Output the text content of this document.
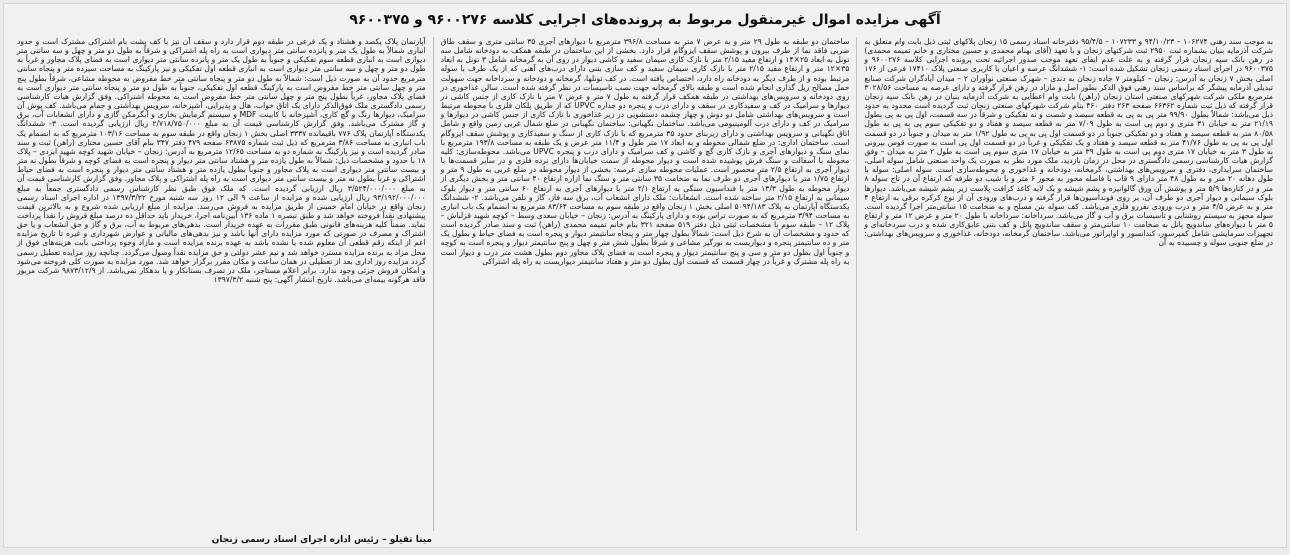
آگهی مزایده اموال غیرمنقول مربوط به پرونده‌های اجرایی کلاسه ۹۶۰۰۲۷۶ و ۹۶۰۰۳۷۵

به موجب سند رهنی ۱۰۶۲۷۴ – ۹۴/۱۰/۲۳ و ۱۰۷۲۳۳ – ۹۵/۴/۵ دفترخانه اسناد رسمی ۱۵ زنجان پلاکهای ثبتی ذیل بابت وام متعلق به شرکت آذرمایه بنیان بشماره ثبت ۲۹۵۰ ثبت شرکتهای زنجان و با تعهد (آقای بهنام محمدی و حسین مختاری و خانم تمیمه محمدی) در رهن بانک سپه زنجان قرار گرفته و به علت عدم ایفای تعهد موجب صدور اجرائیه تحت پرونده اجرایی کلاسه ۹۶۰۰۲۷۶ و ۹۶۰۰۳۷۵ در اجرای اسناد رسمی زنجان تشکیل شده است: ۱- ششدانگ عرصه و اعیان با کاربری صنعتی پلاک ۱۷۴۱۰ فرعی از ۱۷۶ اصلی بخش ۷ زنجان به آدرس: زنجان – کیلومتر ۷ جاده زنجان به دندی – شهرک صنعتی نوآوران ۲ – میدان آیادگران شرکت صنایع تبدیلی آذرمایه پیشگر که براساس سند رهنی فوق الذکر بطور اصل و مازاد در رهن قرار گرفته و دارای عرصه به مساحت ۳۰۲۸/۵۶ مترمربع ملکی شرکت شهرکهای صنعتی استان زنجان (راهن) بابت وام اعطایی به شرکت آذرمایه بنیان در رهن بانک سپه زنجان قرار گرفته که ذیل ثبت شماره ۶۶۳۶۲ صفحه ۲۶۳ دفتر ۴۶۰ بنام شرکت شهرکهای صنعتی زنجان ثبت گردیده است محدود به حدود ذیل می‌باشد: شمالاً بطول ۹۹/۹۰ متر پی به پی به قطعه سیصد و شصت و نه تفکیکی و شرقاً در سه قسمت، اول پی به پی بطول ۲۱/۱۹ متر به خیابان ۳۱ متری و دوم پی است به طول ۷/۰۹ متر به قطعه سیصد و هفتاد و دو تفکیکی سوم پی به پی به طول ۸۰/۵۸ متر به قطعه سیصد و هفتاد و دو تفکیکی جنوباً در دو قسمت اول پی به پی به طول ۱/۹۲ متر به میدان و جنوباً در دو قسمت اول پی به پی به طول ۴۱/۷۶ متر به قطعه سیصد و هفتاد و یک تفکیکی و غرباً در دو قسمت اول پی است به صورت قوس بیرونی به طول ۳ متر به خیابان ۱۷ متری دوم پی است به طول ۳۹ متر به خیابان ۱۷ متری سوم پی است به طول ۲ متر به میدان – وفق گزارش هیات کارشناسی رسمی دادگستری در محل در زمان بازدید، ملک مورد نظر به صورت یک واحد صنعتی شامل سوله اصلی، ساختمان سرایداری، دفتری و سرویس‌های بهداشتی، گرمخانه، دودخانه و غذاخوری و محوطه‌سازی است. سوله اصلی: سوله با طول دهانه ۲۰ متر و به طول ۴۸ متر دارای ۹ قاب با فاصله محور به محور ۶ متر و با شیب دو طرفه که ارتفاع آن در تاج سوله ۸ متر و در کناره‌ها ۵/۹ متر و پوشش آن ورق گالوانیزه و پشم شیشه و یک لایه کاغذ کرافت پلاست زیر پشم شیشه می‌باشد. دیوارها بلوک سیمانی و دیوار آجری دو طرف آن، بر روی فونداسیون‌ها قرار گرفته و درب‌های ورودی آن از نوع کرکره برقی به ارتفاع ۴ متر و به عرض ۴/۵ متر و درب ورودی نفررو فلزی می‌باشد. کف سوله بتن مسلح و به ضخامت ۱۵ سانتی‌متر اجرا گردیده است. سوله مجهز به سیستم روشنایی و تاسیسات برق و آب و گاز می‌باشد. سرداخانه: سرداخانه با طول ۲۰ متر و عرض ۱۲ متر و ارتفاع ۵ متر با دیواره‌های ساندویچ پانل به ضخامت ۱۰ سانتی‌متر و سقف ساندویچ پانل و کف بتنی عایق‌کاری شده و درب سردخانه‌ای و تجهیزات سرمایشی شامل کمپرسور، کندانسور و اواپراتور می‌باشد. ساختمان گرمخانه، دودخانه، غذاخوری و سرویس‌های بهداشتی: در ضلع جنوبی سوله و چسبیده به آن

ساختمان دو طبقه به طول ۲۹ متر و به عرض ۷ متر به مساحت ۳۹۶/۸ مترمربع با دیوارهای آجری ۳۵ سانتی متری و سقف طاق ضربی فاقد نما از طرف بیرون و پوشش سقف ایزوگام قرار دارد. بخشی از این ساختمان در طبقه همکف به دودخانه شامل سه تونل به ابعاد ۲۵×۱۴ و ارتفاع مفید ۲/۱۵ متر با نازک کاری سیمان سفید و کاشی دیوار در روی آن به گرمخانه شامل ۳ تونل به ابعاد ۳۵×۱۲ متر و ارتفاع مفید ۲/۱۵ متر با نازک کاری سیمان سفید و کف سازی بتنی دارای درب‌های آهنی که از یک طرف با سوله مرتبط بوده و از طرف دیگر به دودخانه راه دارد، اختصاص یافته است. در کف تونلها، گرمخانه و دودخانه و سرداخانه جهت سهولت حمل مصالح ریل گذاری انجام شده است و طبقه بالای گرمخانه جهت نصب تاسیسات در نظر گرفته شده است. سالن غذاخوری در روی دودخانه و سرویس‌های بهداشتی در طبقه همکف قرار گرفته به طول ۷ متر و عرض ۷ متر با نازک کاری از جنس کاشی در دیوارها و سرامیک در کف و سفیدکاری در سقف و دارای درب و پنجره دو جداره UPVC که از طریق پلکان فلزی با محوطه مرتبط است و سرویس‌های بهداشتی شامل دو دوش و چهار چشمه دستشویی در زیر غذاخوری با نازک کاری از جنس کاشی در دیوارها و سرامیک در کف و دارای درب آلومینیومی می‌باشد. ساختمان نگهبانی: ساختمان نگهبانی در ضلع شمال غربی زمین واقع و شامل اتاق نگهبانی و سرویس بهداشتی و دارای زیربنای حدود ۳۵ مترمربع که با نازک کاری از سنگ و سفیدکاری و پوشش سقف ایزوگام است. ساختمان اداری: در ضلع شمالی محوطه و به ابعاد ۱۷ متر طول و ۱۱/۴ متر عرض و یک طبقه به مساحت ۱۹۳/۸ مترمربع با نمای سنگ و دیوارهای آجری و نازک کاری گچ و کاشی و کف سرامیک و دارای درب و پنجره UPVC می‌باشد. محوطه‌سازی: کلیه محوطه با آسفالت و سنگ فرش پوشیده شده است و دیوار محوطه از سمت خیابان‌ها دارای نرده فلزی و در سایر قسمت‌ها با دیوار آجری به ارتفاع ۲/۵ متر محصور است. عملیات محوطه سازی عرصه: بخشی از دیوار محوطه در ضلع غربی به طول ۹ متر و ارتفاع ۱/۷۵ متر با دیوارهای آجری دو طرف نما به ضخامت ۳۵ سانتی متر و سنگ نما ازاره ارتفاع ۴۰ سانتی متر و بخش دیگری از دیوار محوطه به طول ۱۳/۳ متر با فنداسیون سنگی به ارتفاع ۲/۱ متر با دیوارهای آجری به ارتفاع ۶۰ سانتی متر و دیوار بلوک سیمانی به ارتفاع ۲/۱۵ متر ساخته شده است. انشعابات: ملک دارای انشعاب آب، برق سه فاز، گاز و تلفن می‌باشد. ۲- ششدانگ یکدستگاه آپارتمان به پلاک ۵۰۹۴/۱۸۳ اصلی بخش ۱ زنجان واقع در طبقه سوم به مساحت ۸۳/۶۴ مترمربع به انضمام یک باب انباری به مساحت ۳/۹۴ مترمربع که به صورت تراس بوده و دارای پارکینگ به آدرس: زنجان – خیابان سعدی وسط – کوچه شهید قزلباش – پلاک ۱۲ – طبقه سوم با مشخصات ثبتی ذیل دفتر ۵۱۹ صفحه ۳۲۱ بنام خانم تمیمه محمدی (راهن) ثبت و سند صادر گردیده است که حدود و مشخصات آن به شرح ذیل است: شمالاً بطول چهار متر و پنجاه سانتیمتر دیوار و پنجره است به فضای حیاط و بطول یک متر و ده سانتیمتر پنجره و دیواریست به نورگیر مشاعی و شرقاً بطول شش متر و چهل و پنج سانتیمتر دیوار و پنجره است به کوچه و جنوباً اول بطول دو متر و سی و پنج سانتیمتر دیوار و پنجره است به فضای پلاک مجاور دوم بطول هشت متر درب و دیوار است به راه پله مشترک و غرباً در چهار قسمت که قسمت اول بطول دو متر و هفتاد سانتیمتر دیواریست به راه پله اشتراکی

آپارتمان پلاک یکصد و هشتاد و یک فرعی در طبقه دوم قرار دارد و سقف آن نیز با کف پشت بام اشتراکی مشترک است و حدود انباری شمالاً به طول یک متر و پانزده سانتی متر دیواری است به راه پله اشتراکی و شرقاً به طول دو متر و چهل و سه سانتی متر دیواری است به انباری قطعه سوم تفکیکی و جنوباً به طول یک متر و پانزده سانتی متر دیواری است به فضای پلاک مجاور و غرباً به طول دو متر و چهل و سه سانتی متر دیواری است به انباری قطعه اول تفکیکی و نیز پارکینگ به مساحت سیزده متر و پنجاه سانتی مترمربع حدود آن به صورت ذیل است: شمالاً به طول دو متر و پنجاه سانتی متر خط مفروض به محوطه مشاعی، شرقاً بطول پنج متر و چهل سانتی متر خط مفروض است به پارکینگ قطعه اول تفکیکی، جنوباً به طول دو متر و پنجاه سانتی متر دیواری است به فضای پلاک مجاور، غرباً بطول پنج متر و چهل سانتی متر خط مفروض است به محوطه اشتراکی. وفق گزارش هیات کارشناسی رسمی دادگستری ملک فوق‌الذکر دارای یک اتاق خواب، هال و پذیرایی، آشپزخانه، سرویس بهداشتی و حمام می‌باشد. کف پوش آن سرامیک، دیوارها رنگ و گچ کاری، آشپزخانه با کابینت MDF و سیستم گرمایش بخاری و آبگرمکن گازی و دارای انشعابات آب، برق و گاز مشترک می‌باشد. وفق گزارش کارشناسی قیمت آن به مبلغ ۲/۷۱۸/۷۵۰/۰۰۰ ریال ارزیابی گردیده است. ۳- ششدانگ یکدستگاه آپارتمان پلاک ۷۷۶ باقیمانده ۳۳۳۷ اصلی بخش ۱ زنجان واقع در طبقه سوم به مساحت ۱۰۳/۱۶ مترمربع که به انضمام یک باب انباری به مساحت ۳/۸۶ مترمربع که ذیل ثبت شماره ۶۳۸۷۵ صفحه ۴۷۹ دفتر ۳۴۷ بنام آقای حسین مختاری (راهن) ثبت و سند صادر گردیده است و نیز پارکینگ به شماره دو به مساحت ۱۲/۶۵ مترمربع به آدرس: زنجان – خیابان شهید کوچه شهید ایزدی – پلاک ۱۸ با حدود و مشخصات ذیل: شمالاً به طول یازده متر و هشتاد سانتی متر دیوار و پنجره است به فضای کوچه و شرقاً بطول نه متر و بیست سانتی متر دیواری است به پلاک مجاور و جنوباً بطول یازده متر و هشتاد سانتی متر دیوار و پنجره است به فضای حیاط اشتراکی و غرباً بطول نه متر و بیست سانتی متر دیواری است به راه پله اشتراکی و پلاک مجاور. وفق گزارش کارشناسی قیمت آن به مبلغ ۳/۵۲۴/۰۰۰/۰۰۰ ریال ارزیابی گردیده است. که ملک فوق طبق نظر کارشناس رسمی دادگستری جمعاً به مبلغ ۹۳/۱۹۲/۰۰۰/۰۰۰ ریال ارزیابی شده و مزایده از ساعت ۹ الی ۱۲ روز سه شنبه مورخ ۱۳۹۷/۳/۲۲ در اداره اجرای اسناد رسمی زنجان واقع در خیابان امام خمینی از طریق مزایده به فروش می‌رسد. مزایده از مبلغ ارزیابی شده شروع و به بالاترین قیمت پیشنهادی نقداً فروخته خواهد شد و طبق تبصره ۱ ماده ۱۳۶ آیین‌نامه اجرا، خریدار باید حداقل ده درصد مبلغ فروش را نقداً پرداخت نماید. ضمناً کلیه هزینه‌های قانونی طبق مقررات به عهده خریدار است. بدهی‌های مربوط به آب، برق و گاز و حق انشعاب و یا حق اشتراک و مصرف در صورتی که مورد مزایده دارای آنها باشد و نیز بدهی‌های مالیاتی و عوارض شهرداری و غیره تا تاریخ مزایده اعم از اینکه رقم قطعی آن معلوم شده یا نشده باشد به عهده برنده مزایده است و مازاد وجوه پرداختی بابت هزینه‌های فوق از محل مزاد به برنده مزایده مسترد خواهد شد و نیم عشر دولتی و حق مزایده نقداً وصول می‌گردد. چنانچه روز مزایده تعطیل رسمی گردد مزایده روز اداری بعد از تعطیلی در همان ساعت و مکان مقرر برگزار خواهد شد. مورد مزایده به صورت کلی فروخته می‌شود و امکان فروش جزئی وجود ندارد. برابر اعلام مستاجر، ملک در تصرف بستانکار و یا بدهکار نمی‌باشد. از ۹۸۷۳/۱۲/۹ شرکت مزبور فاقد هرگونه بیمه‌ای می‌باشد. تاریخ انتشار آگهی: پنج شنبه ۱۳۹۷/۳/۲

مینا تقیلو – رئیس اداره اجرای اسناد رسمی زنجان
